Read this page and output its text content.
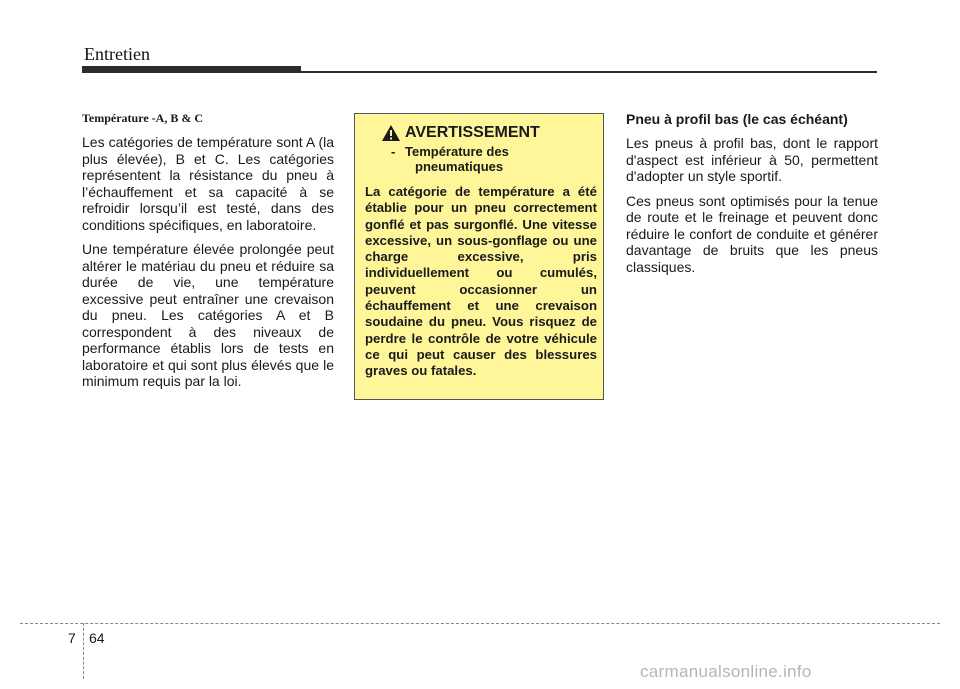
Entretien

Température -A, B & C

Les catégories de température sont A (la plus élevée), B et C. Les catégories représentent la résistance du pneu à l’échauffement et sa capacité à se refroidir lorsqu’il est testé, dans des conditions spécifiques, en laboratoire.

Une température élevée prolongée peut altérer le matériau du pneu et réduire sa durée de vie, une température excessive peut entraîner une crevaison du pneu. Les catégories A et B correspondent à des niveaux de performance établis lors de tests en laboratoire et qui sont plus élevés que le minimum requis par la loi.

AVERTISSEMENT
- Température des
pneumatiques

La catégorie de température a été établie pour un pneu correctement gonflé et pas surgonflé. Une vitesse excessive, un sous-gonflage ou une charge excessive, pris individuellement ou cumulés, peuvent occasionner un échauffement et une crevaison soudaine du pneu. Vous risquez de perdre le contrôle de votre véhicule ce qui peut causer des blessures graves ou fatales.

Pneu à profil bas (le cas échéant)

Les pneus à profil bas, dont le rapport d'aspect est inférieur à 50, permettent d'adopter un style sportif.

Ces pneus sont optimisés pour la tenue de route et le freinage et peuvent donc réduire le confort de conduite et générer davantage de bruits que les pneus classiques.

7 64
carmanualsonline.info
